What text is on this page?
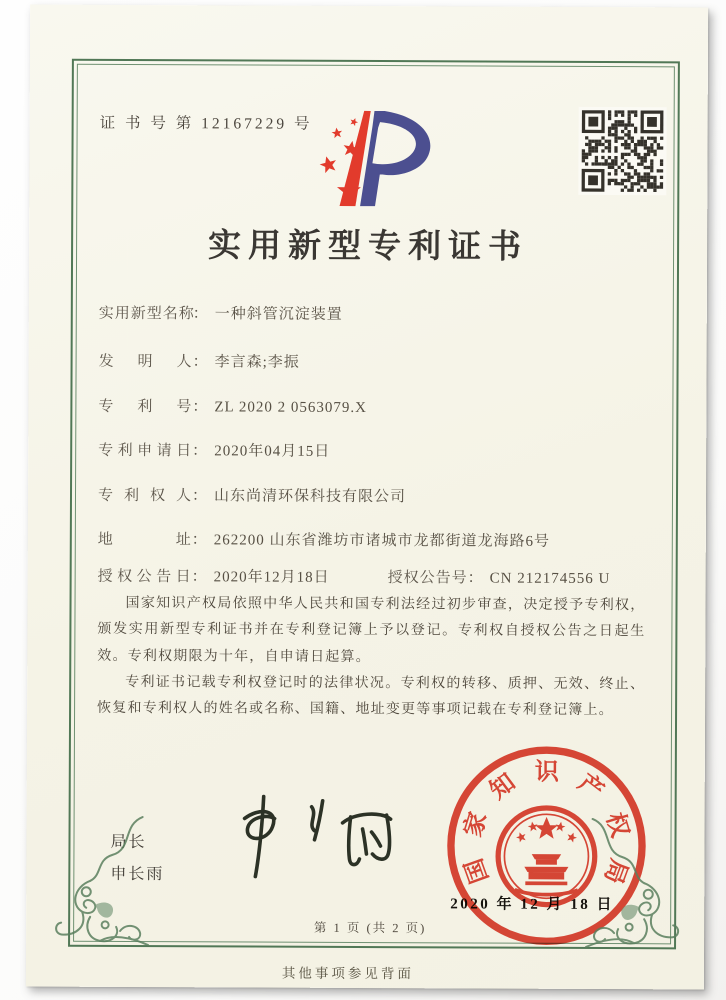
证 书 号 第 12167229 号
实用新型专利证书
实用新型名称： 一种斜管沉淀装置
发明人： 李言森;李振
专利号： ZL 2020 2 0563079.X
专利申请日： 2020年04月15日
专利权人： 山东尚清环保科技有限公司
地址： 262200 山东省潍坊市诸城市龙都街道龙海路6号
授权公告日： 2020年12月18日	授权公告号： CN 212174556 U

国家知识产权局依照中华人民共和国专利法经过初步审查，决定授予专利权，颁发实用新型专利证书并在专利登记簿上予以登记。专利权自授权公告之日起生效。专利权期限为十年，自申请日起算。

专利证书记载专利权登记时的法律状况。专利权的转移、质押、无效、终止、恢复和专利权人的姓名或名称、国籍、地址变更等事项记载在专利登记簿上。

局长
申长雨	国
家
知 识 产
权
局
2020 年 12 月 18 日
第 1 页 (共 2 页)
其他事项参见背面
